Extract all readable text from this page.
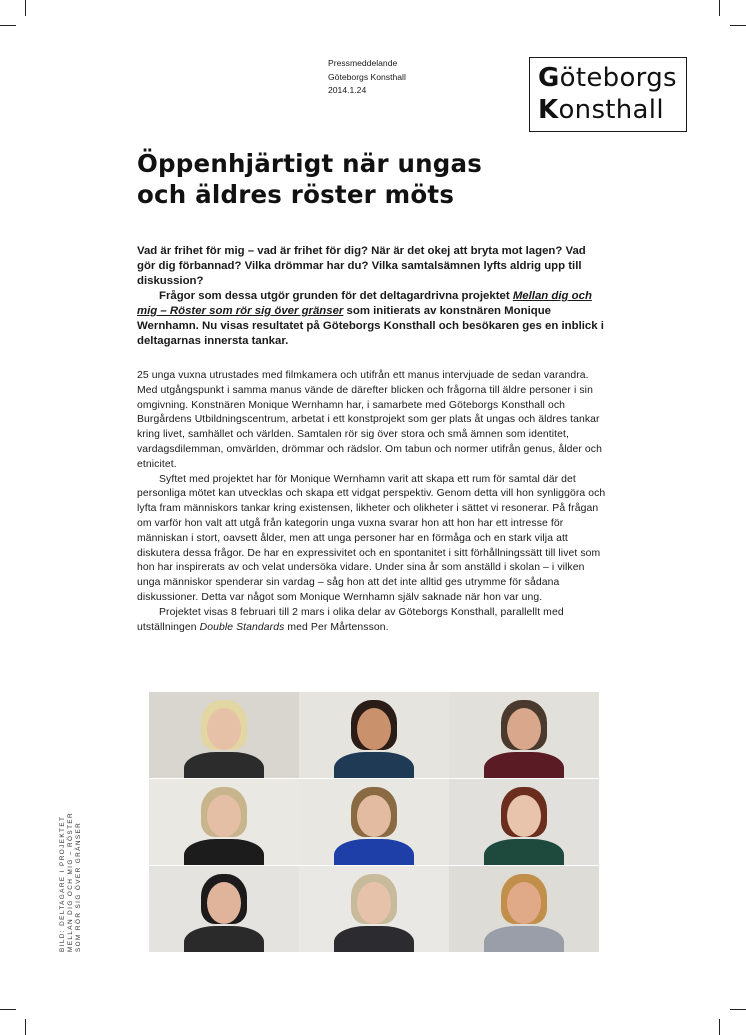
Pressmeddelande
Göteborgs Konsthall
2014.1.24	Göteborgs
Konsthall
Öppenhjärtigt när ungas
och äldres röster möts

Vad är frihet för mig – vad är frihet för dig? När är det okej att bryta mot lagen? Vad gör dig förbannad? Vilka drömmar har du? Vilka samtalsämnen lyfts aldrig upp till diskussion?

Frågor som dessa utgör grunden för det deltagardrivna projektet Mellan dig och mig – Röster som rör sig över gränser som initierats av konstnären Monique Wernhamn. Nu visas resultatet på Göteborgs Konsthall och besökaren ges en inblick i deltagarnas innersta tankar.

25 unga vuxna utrustades med filmkamera och utifrån ett manus intervjuade de sedan varandra. Med utgångspunkt i samma manus vände de därefter blicken och frågorna till äldre personer i sin omgivning. Konstnären Monique Wernhamn har, i samarbete med Göteborgs Konsthall och Burgårdens Utbildningscentrum, arbetat i ett konstprojekt som ger plats åt ungas och äldres tankar kring livet, samhället och världen. Samtalen rör sig över stora och små ämnen som identitet, vardagsdilemman, omvärlden, drömmar och rädslor. Om tabun och normer utifrån genus, ålder och etnicitet.

Syftet med projektet har för Monique Wernhamn varit att skapa ett rum för samtal där det personliga mötet kan utvecklas och skapa ett vidgat perspektiv. Genom detta vill hon synliggöra och lyfta fram människors tankar kring existensen, likheter och olikheter i sättet vi resonerar. På frågan om varför hon valt att utgå från kategorin unga vuxna svarar hon att hon har ett intresse för människan i stort, oavsett ålder, men att unga personer har en förmåga och en stark vilja att diskutera dessa frågor. De har en expressivitet och en spontanitet i sitt förhållningssätt till livet som hon har inspirerats av och velat undersöka vidare. Under sina år som anställd i skolan – i vilken unga människor spenderar sin vardag – såg hon att det inte alltid ges utrymme för sådana diskussioner. Detta var något som Monique Wernhamn själv saknade när hon var ung.

Projektet visas 8 februari till 2 mars i olika delar av Göteborgs Konsthall, parallellt med utställningen Double Standards med Per Mårtensson.

BILD: DELTAGARE I PROJEKTET MELLAN DIG OCH MIG – RÖSTER SOM RÖR SIG ÖVER GRÄNSER
